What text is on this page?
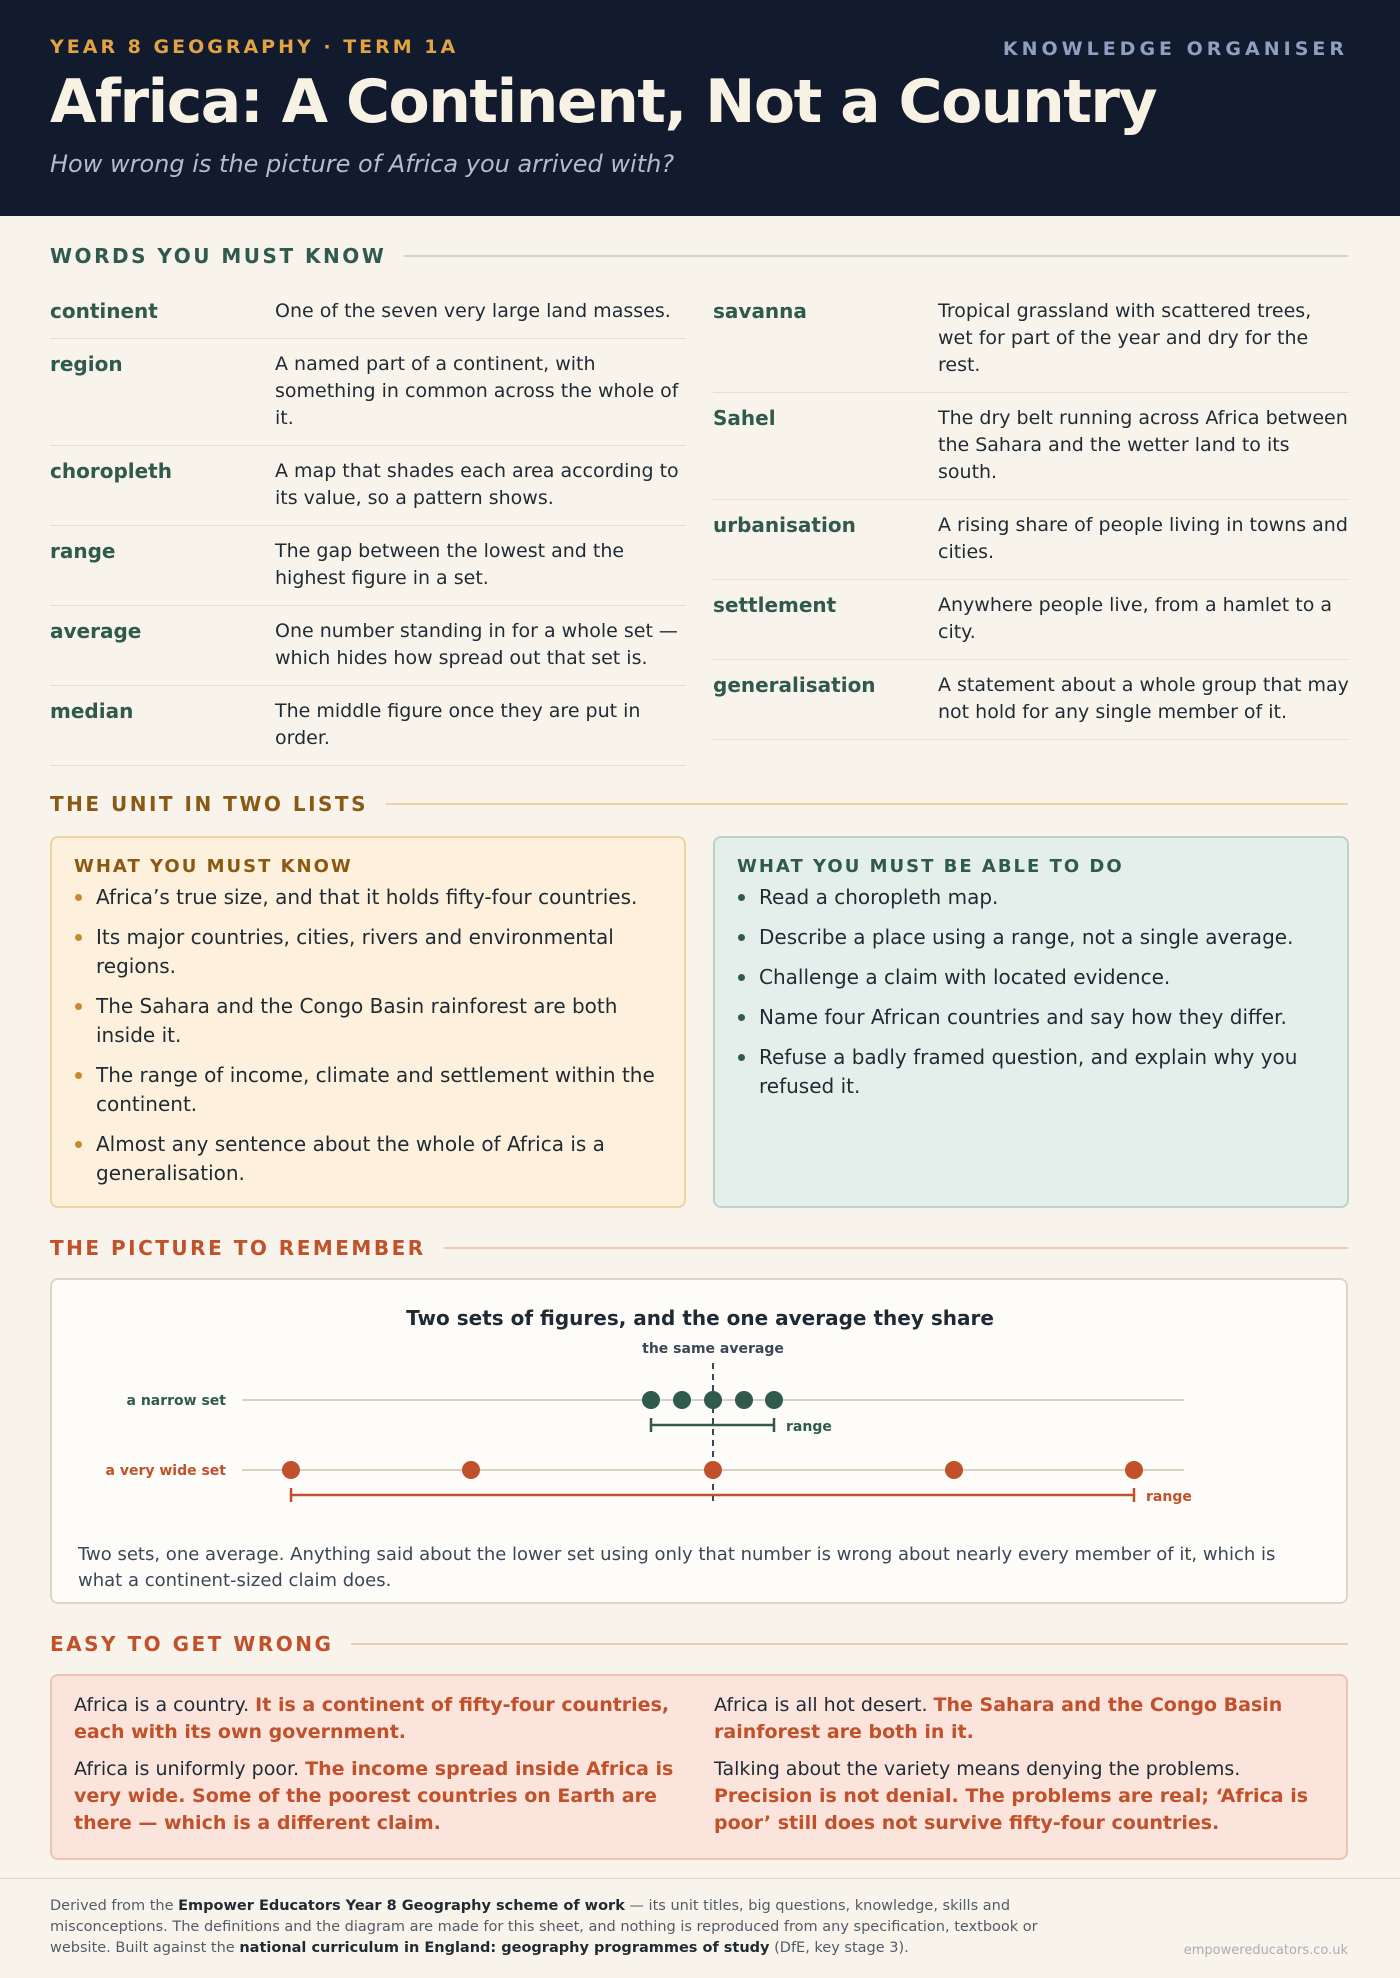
YEAR 8 GEOGRAPHY · TERM 1A	KNOWLEDGE ORGANISER
Africa: A Continent, Not a Country
How wrong is the picture of Africa you arrived with?
WORDS YOU MUST KNOW
continent	One of the seven very large land masses.
region	A named part of a continent, with something in common across the whole of it.
choropleth	A map that shades each area according to its value, so a pattern shows.
range	The gap between the lowest and the highest figure in a set.
average	One number standing in for a whole set — which hides how spread out that set is.
median	The middle figure once they are put in order.
savanna	Tropical grassland with scattered trees, wet for part of the year and dry for the rest.
Sahel	The dry belt running across Africa between the Sahara and the wetter land to its south.
urbanisation	A rising share of people living in towns and cities.
settlement	Anywhere people live, from a hamlet to a city.
generalisation	A statement about a whole group that may not hold for any single member of it.
THE UNIT IN TWO LISTS
WHAT YOU MUST KNOW
Africa’s true size, and that it holds fifty-four countries.
Its major countries, cities, rivers and environmental regions.
The Sahara and the Congo Basin rainforest are both inside it.
The range of income, climate and settlement within the continent.
Almost any sentence about the whole of Africa is a generalisation.
WHAT YOU MUST BE ABLE TO DO
Read a choropleth map.
Describe a place using a range, not a single average.
Challenge a claim with located evidence.
Name four African countries and say how they differ.
Refuse a badly framed question, and explain why you refused it.
THE PICTURE TO REMEMBER
Two sets of figures, and the one average they share
the same average
a narrow set
a very wide set
range
range
Two sets, one average. Anything said about the lower set using only that number is wrong about nearly every member of it, which is what a continent-sized claim does.
EASY TO GET WRONG

Africa is a country. It is a continent of fifty-four countries, each with its own government.

Africa is uniformly poor. The income spread inside Africa is very wide. Some of the poorest countries on Earth are there — which is a different claim.

Africa is all hot desert. The Sahara and the Congo Basin rainforest are both in it.

Talking about the variety means denying the problems. Precision is not denial. The problems are real; ‘Africa is poor’ still does not survive fifty-four countries.

Derived from the Empower Educators Year 8 Geography scheme of work — its unit titles, big questions, knowledge, skills and misconceptions. The definitions and the diagram are made for this sheet, and nothing is reproduced from any specification, textbook or website. Built against the national curriculum in England: geography programmes of study (DfE, key stage 3).	empowereducators.co.uk
